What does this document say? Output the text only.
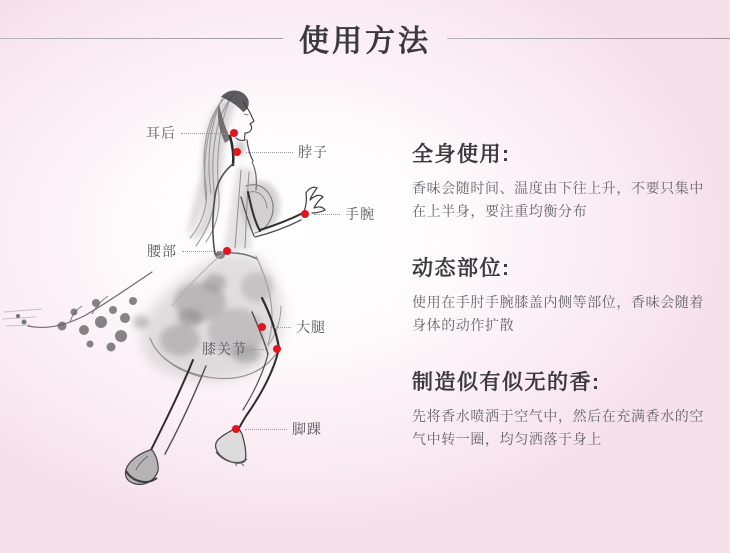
使用方法
耳后
脖子
手腕
腰部
大腿
膝关节
脚踝
全身使用:

香味会随时间、温度由下往上升，不要只集中在上半身，要注重均衡分布

动态部位:

使用在手肘手腕膝盖内侧等部位，香味会随着身体的动作扩散

制造似有似无的香:

先将香水喷洒于空气中，然后在充满香水的空气中转一圈，均匀洒落于身上
